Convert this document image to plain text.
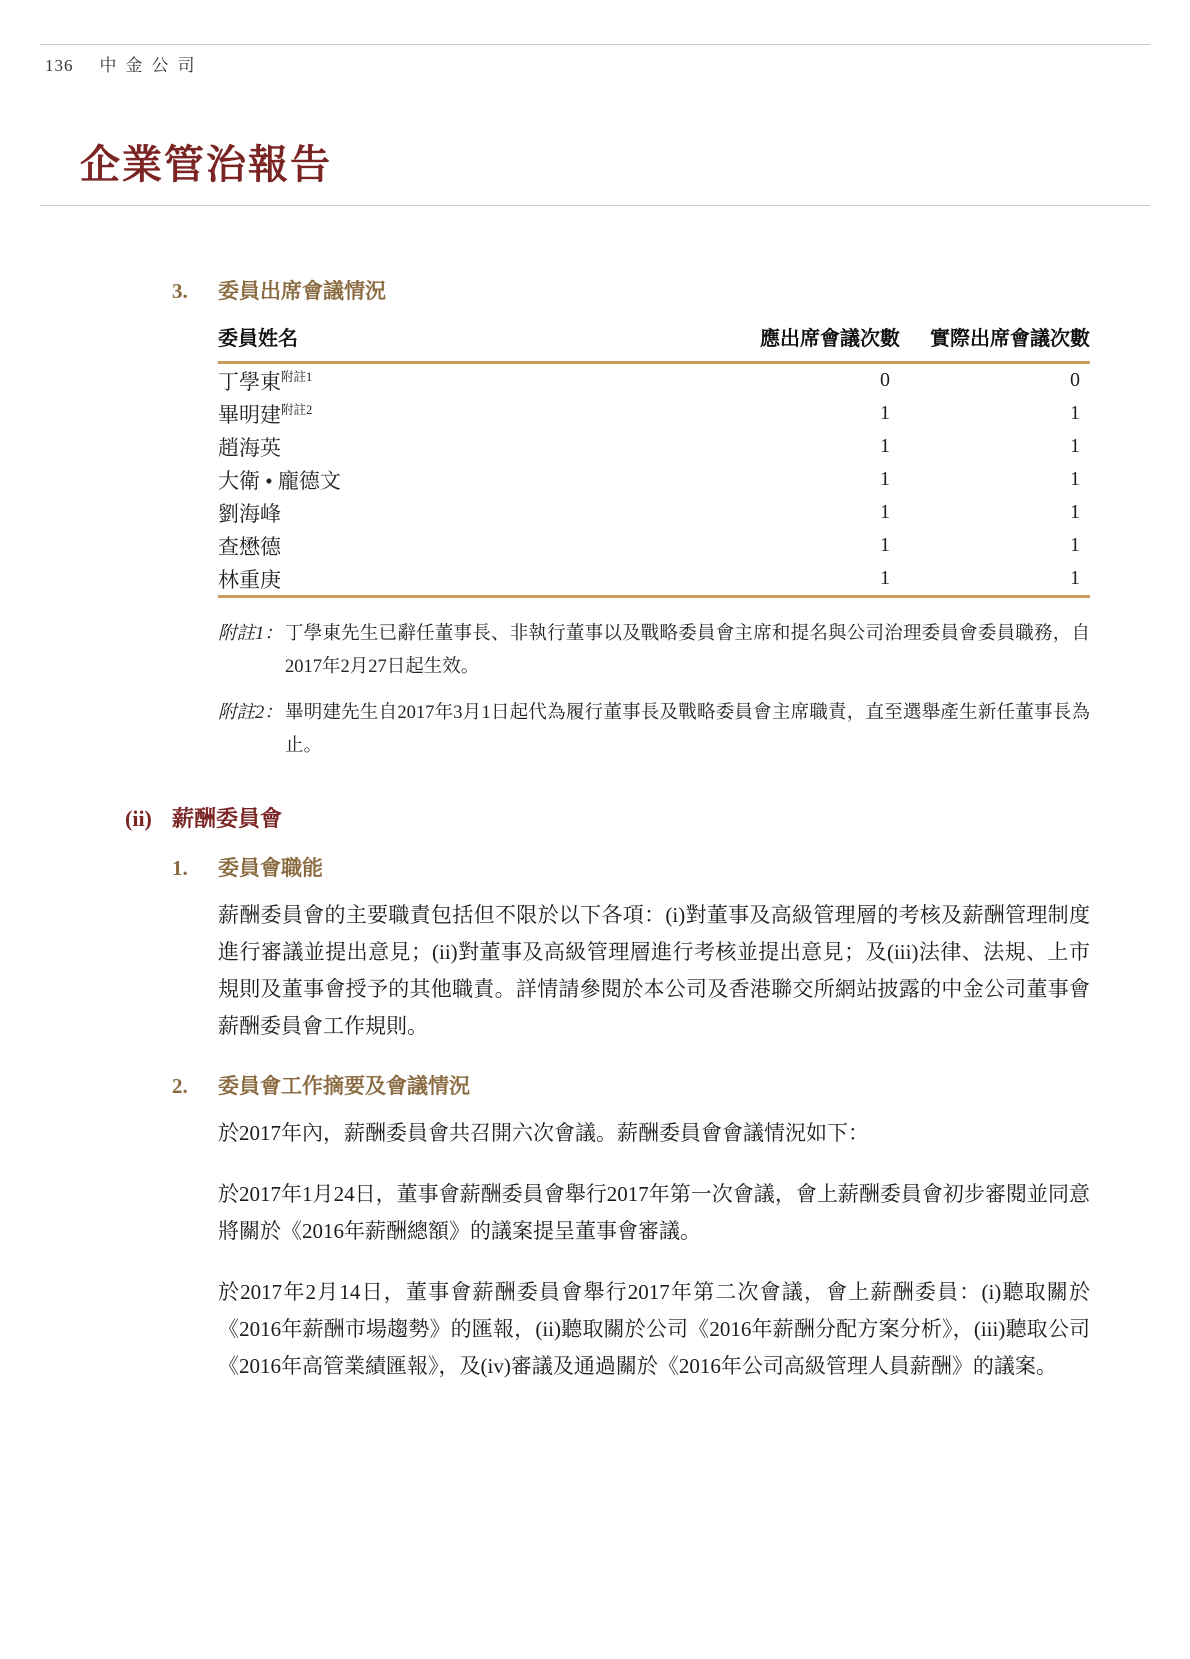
136 中金公司
企業管治報告
3.	委員出席會議情況
委員姓名	應出席會議次數	實際出席會議次數
丁學東$^{附註1}$	0	0
畢明建$^{附註2}$	1	1
趙海英	1	1
大衛 • 龐德文	1	1
劉海峰	1	1
查懋德	1	1
林重庚	1	1
附註1： 丁學東先生已辭任董事長、非執行董事以及戰略委員會主席和提名與公司治理委員會委員職務，自2017年2月27日起生效。
附註2： 畢明建先生自2017年3月1日起代為履行董事長及戰略委員會主席職責，直至選舉產生新任董事長為止。
(ii) 薪酬委員會
1.	委員會職能

薪酬委員會的主要職責包括但不限於以下各項：(i)對董事及高級管理層的考核及薪酬管理制度進行審議並提出意見；(ii)對董事及高級管理層進行考核並提出意見；及(iii)法律、法規、上市規則及董事會授予的其他職責。詳情請參閱於本公司及香港聯交所網站披露的中金公司董事會薪酬委員會工作規則。

2.	委員會工作摘要及會議情況

於2017年內，薪酬委員會共召開六次會議。薪酬委員會會議情況如下：

於2017年1月24日，董事會薪酬委員會舉行2017年第一次會議，會上薪酬委員會初步審閱並同意將關於《2016年薪酬總額》的議案提呈董事會審議。

於2017年2月14日，董事會薪酬委員會舉行2017年第二次會議，會上薪酬委員：(i)聽取關於《2016年薪酬市場趨勢》的匯報，(ii)聽取關於公司《2016年薪酬分配方案分析》，(iii)聽取公司《2016年高管業績匯報》，及(iv)審議及通過關於《2016年公司高級管理人員薪酬》的議案。
